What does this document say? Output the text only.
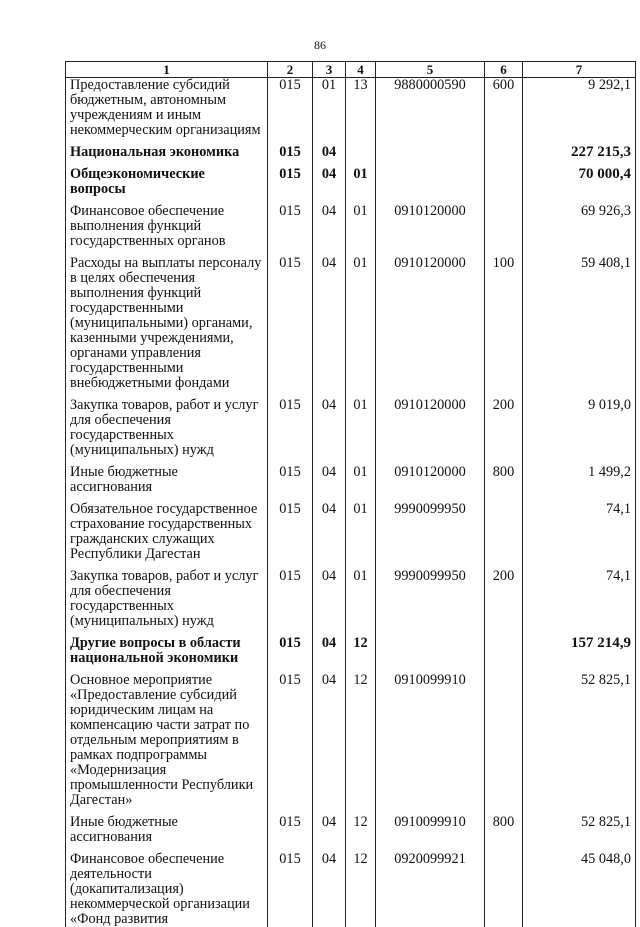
86
1	2	3	4	5	6	7
Предоставление субсидий бюджетным, автономным учреждениям и иным некоммерческим организациям	015	01	13	9880000590	600	9 292,1
Национальная экономика	015	04				227 215,3
Общеэкономические вопросы	015	04	01			70 000,4
Финансовое обеспечение выполнения функций государственных органов	015	04	01	0910120000		69 926,3
Расходы на выплаты персоналу в целях обеспечения выполнения функций государственными (муниципальными) органами, казенными учреждениями, органами управления государственными внебюджетными фондами	015	04	01	0910120000	100	59 408,1
Закупка товаров, работ и услуг для обеспечения государственных (муниципальных) нужд	015	04	01	0910120000	200	9 019,0
Иные бюджетные ассигнования	015	04	01	0910120000	800	1 499,2
Обязательное государственное страхование государственных гражданских служащих Республики Дагестан	015	04	01	9990099950		74,1
Закупка товаров, работ и услуг для обеспечения государственных (муниципальных) нужд	015	04	01	9990099950	200	74,1
Другие вопросы в области национальной экономики	015	04	12			157 214,9
Основное мероприятие «Предоставление субсидий юридическим лицам на компенсацию части затрат по отдельным мероприятиям в рамках подпрограммы «Модернизация промышленности Республики Дагестан»	015	04	12	0910099910		52 825,1
Иные бюджетные ассигнования	015	04	12	0910099910	800	52 825,1
Финансовое обеспечение деятельности (докапитализация) некоммерческой организации «Фонд развития	015	04	12	0920099921		45 048,0
